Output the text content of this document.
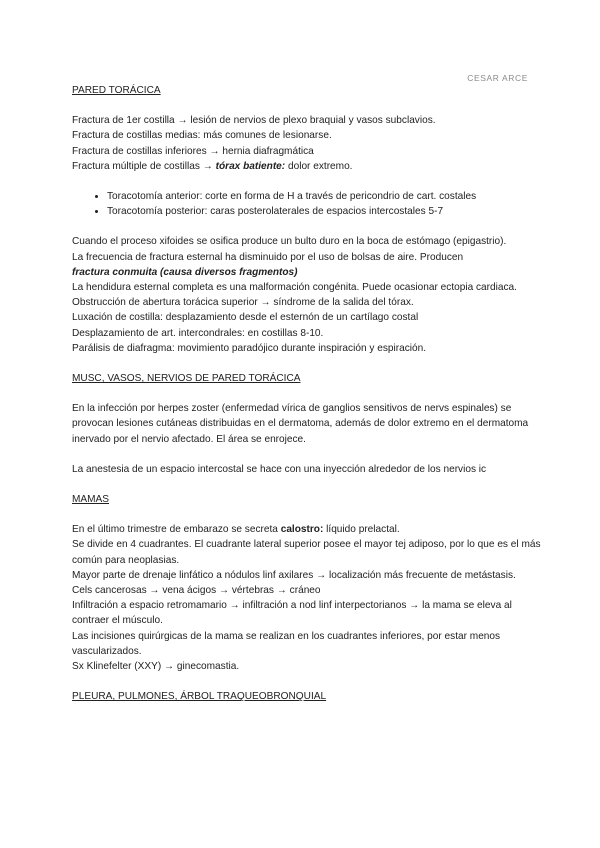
CESAR ARCE

PARED TORÁCICA

Fractura de 1er costilla → lesión de nervios de plexo braquial y vasos subclavios.

Fractura de costillas medias: más comunes de lesionarse.

Fractura de costillas inferiores → hernia diafragmática

Fractura múltiple de costillas → tórax batiente: dolor extremo.

• Toracotomía anterior: corte en forma de H a través de pericondrio de cart. costales
• Toracotomía posterior: caras posterolaterales de espacios intercostales 5-7

Cuando el proceso xifoides se osifica produce un bulto duro en la boca de estómago (epigastrio).

La frecuencia de fractura esternal ha disminuido por el uso de bolsas de aire. Producen

fractura conmuita (causa diversos fragmentos)

La hendidura esternal completa es una malformación congénita. Puede ocasionar ectopia cardiaca.

Obstrucción de abertura torácica superior → síndrome de la salida del tórax.

Luxación de costilla: desplazamiento desde el esternón de un cartílago costal

Desplazamiento de art. intercondrales: en costillas 8-10.

Parálisis de diafragma: movimiento paradójico durante inspiración y espiración.

MUSC, VASOS, NERVIOS DE PARED TORÁCICA

En la infección por herpes zoster (enfermedad vírica de ganglios sensitivos de nervs espinales) se provocan lesiones cutáneas distribuidas en el dermatoma, además de dolor extremo en el dermatoma inervado por el nervio afectado. El área se enrojece.

La anestesia de un espacio intercostal se hace con una inyección alrededor de los nervios ic

MAMAS

En el último trimestre de embarazo se secreta calostro: líquido prelactal.

Se divide en 4 cuadrantes. El cuadrante lateral superior posee el mayor tej adiposo, por lo que es el más común para neoplasias.

Mayor parte de drenaje linfático a nódulos linf axilares → localización más frecuente de metástasis.

Cels cancerosas → vena ácigos → vértebras → cráneo

Infiltración a espacio retromamario → infiltración a nod linf interpectorianos → la mama se eleva al contraer el músculo.

Las incisiones quirúrgicas de la mama se realizan en los cuadrantes inferiores, por estar menos vascularizados.

Sx Klinefelter (XXY) → ginecomastia.

PLEURA, PULMONES, ÁRBOL TRAQUEOBRONQUIAL
